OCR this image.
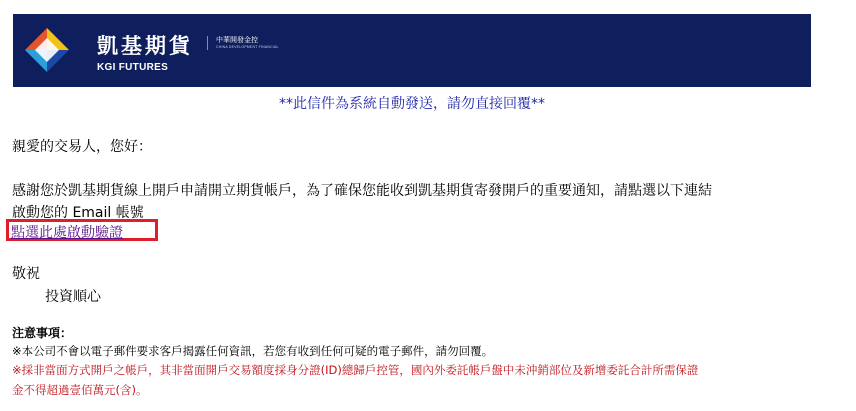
凱基期貨
KGI FUTURES
中華開發金控
CHINA DEVELOPMENT FINANCIAL
**此信件為系統自動發送，請勿直接回覆**
親愛的交易人，您好：
感謝您於凱基期貨線上開戶申請開立期貨帳戶，為了確保您能收到凱基期貨寄發開戶的重要通知，請點選以下連結
啟動您的 Email 帳號
點選此處啟動驗證
敬祝
投資順心
注意事項：
※本公司不會以電子郵件要求客戶揭露任何資訊，若您有收到任何可疑的電子郵件，請勿回覆。
※採非當面方式開戶之帳戶，其非當面開戶交易額度採身分證(ID)總歸戶控管，國內外委託帳戶盤中未沖銷部位及新增委託合計所需保證
金不得超過壹佰萬元(含)。
